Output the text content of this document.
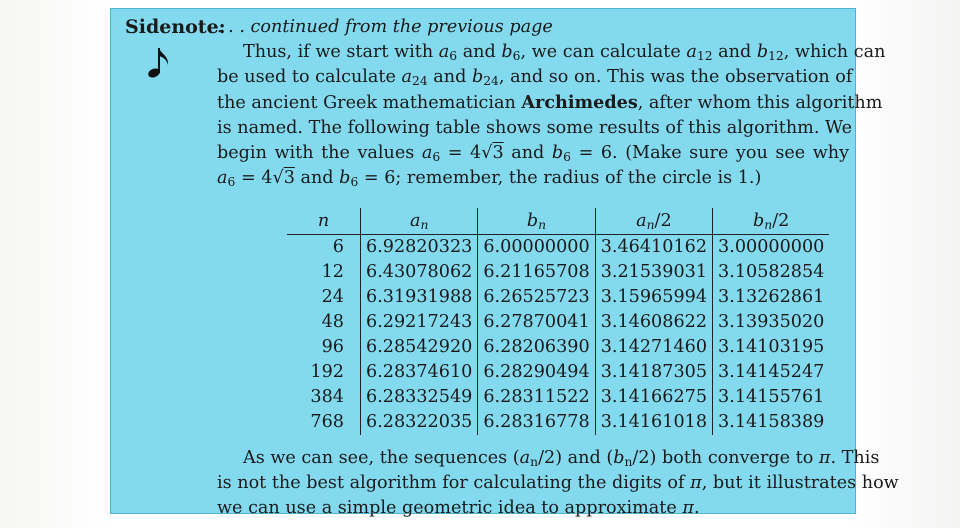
Sidenote:
. . . continued from the previous page
Thus, if we start with $a_6$ and $b_6$, we can calculate $a_{12}$ and $b_{12}$, which can
be used to calculate $a_{24}$ and $b_{24}$, and so on. This was the observation of
the ancient Greek mathematician Archimedes, after whom this algorithm
is named. The following table shows some results of this algorithm. We
begin with the values $a_6 = 4√3$ and $b_6 = 6$. (Make sure you see why
$a_6 = 4√3$ and $b_6 = 6$; remember, the radius of the circle is 1.)
n	$a_n$	$b_n$	$a_n/2$	$b_n/2$
6	6.92820323	6.00000000	3.46410162	3.00000000
12	6.43078062	6.21165708	3.21539031	3.10582854
24	6.31931988	6.26525723	3.15965994	3.13262861
48	6.29217243	6.27870041	3.14608622	3.13935020
96	6.28542920	6.28206390	3.14271460	3.14103195
192	6.28374610	6.28290494	3.14187305	3.14145247
384	6.28332549	6.28311522	3.14166275	3.14155761
768	6.28322035	6.28316778	3.14161018	3.14158389
As we can see, the sequences $(a_n/2)$ and $(b_n/2)$ both converge to π. This
is not the best algorithm for calculating the digits of π, but it illustrates how
we can use a simple geometric idea to approximate π.
